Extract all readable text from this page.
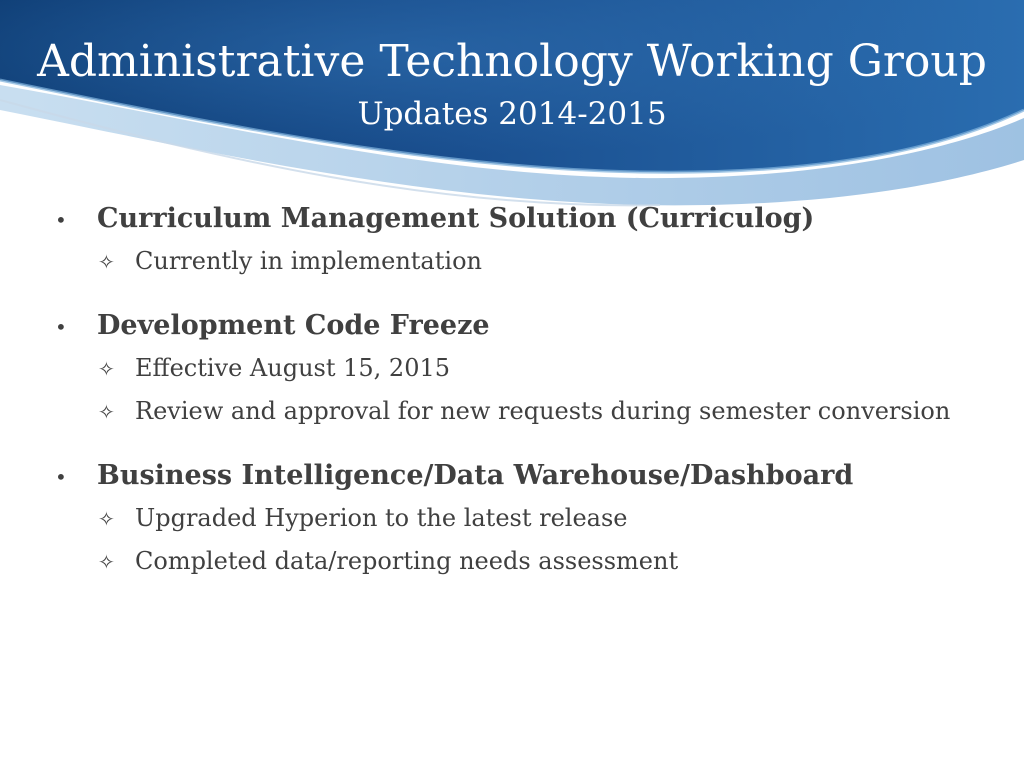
Administrative Technology Working Group
Updates 2014-2015
•	Curriculum Management Solution (Curriculog)
✧ Currently in implementation
•	Development Code Freeze
✧ Effective August 15, 2015
✧ Review and approval for new requests during semester conversion
•	Business Intelligence/Data Warehouse/Dashboard
✧ Upgraded Hyperion to the latest release
✧ Completed data/reporting needs assessment
